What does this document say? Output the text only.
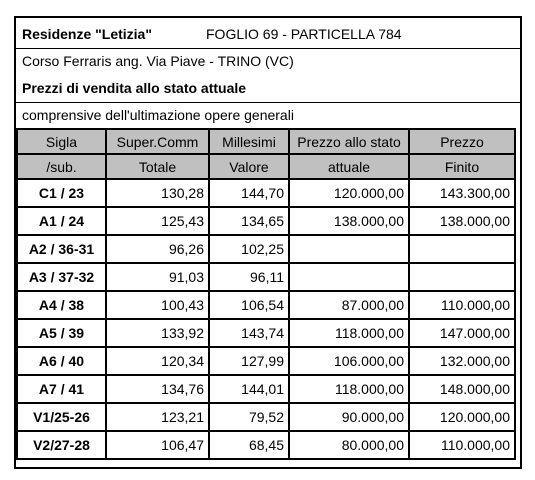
Residenze "Letizia"	FOGLIO 69 - PARTICELLA 784
Corso Ferraris ang. Via Piave - TRINO (VC)
Prezzi di vendita allo stato attuale
comprensive dell'ultimazione opere generali
Sigla	Super.Comm	Millesimi	Prezzo allo stato	Prezzo
/sub.	Totale	Valore	attuale	Finito
C1 / 23	130,28	144,70	120.000,00	143.300,00
A1 / 24	125,43	134,65	138.000,00	138.000,00
A2 / 36-31	96,26	102,25		
A3 / 37-32	91,03	96,11		
A4 / 38	100,43	106,54	87.000,00	110.000,00
A5 / 39	133,92	143,74	118.000,00	147.000,00
A6 / 40	120,34	127,99	106.000,00	132.000,00
A7 / 41	134,76	144,01	118.000,00	148.000,00
V1/25-26	123,21	79,52	90.000,00	120.000,00
V2/27-28	106,47	68,45	80.000,00	110.000,00
